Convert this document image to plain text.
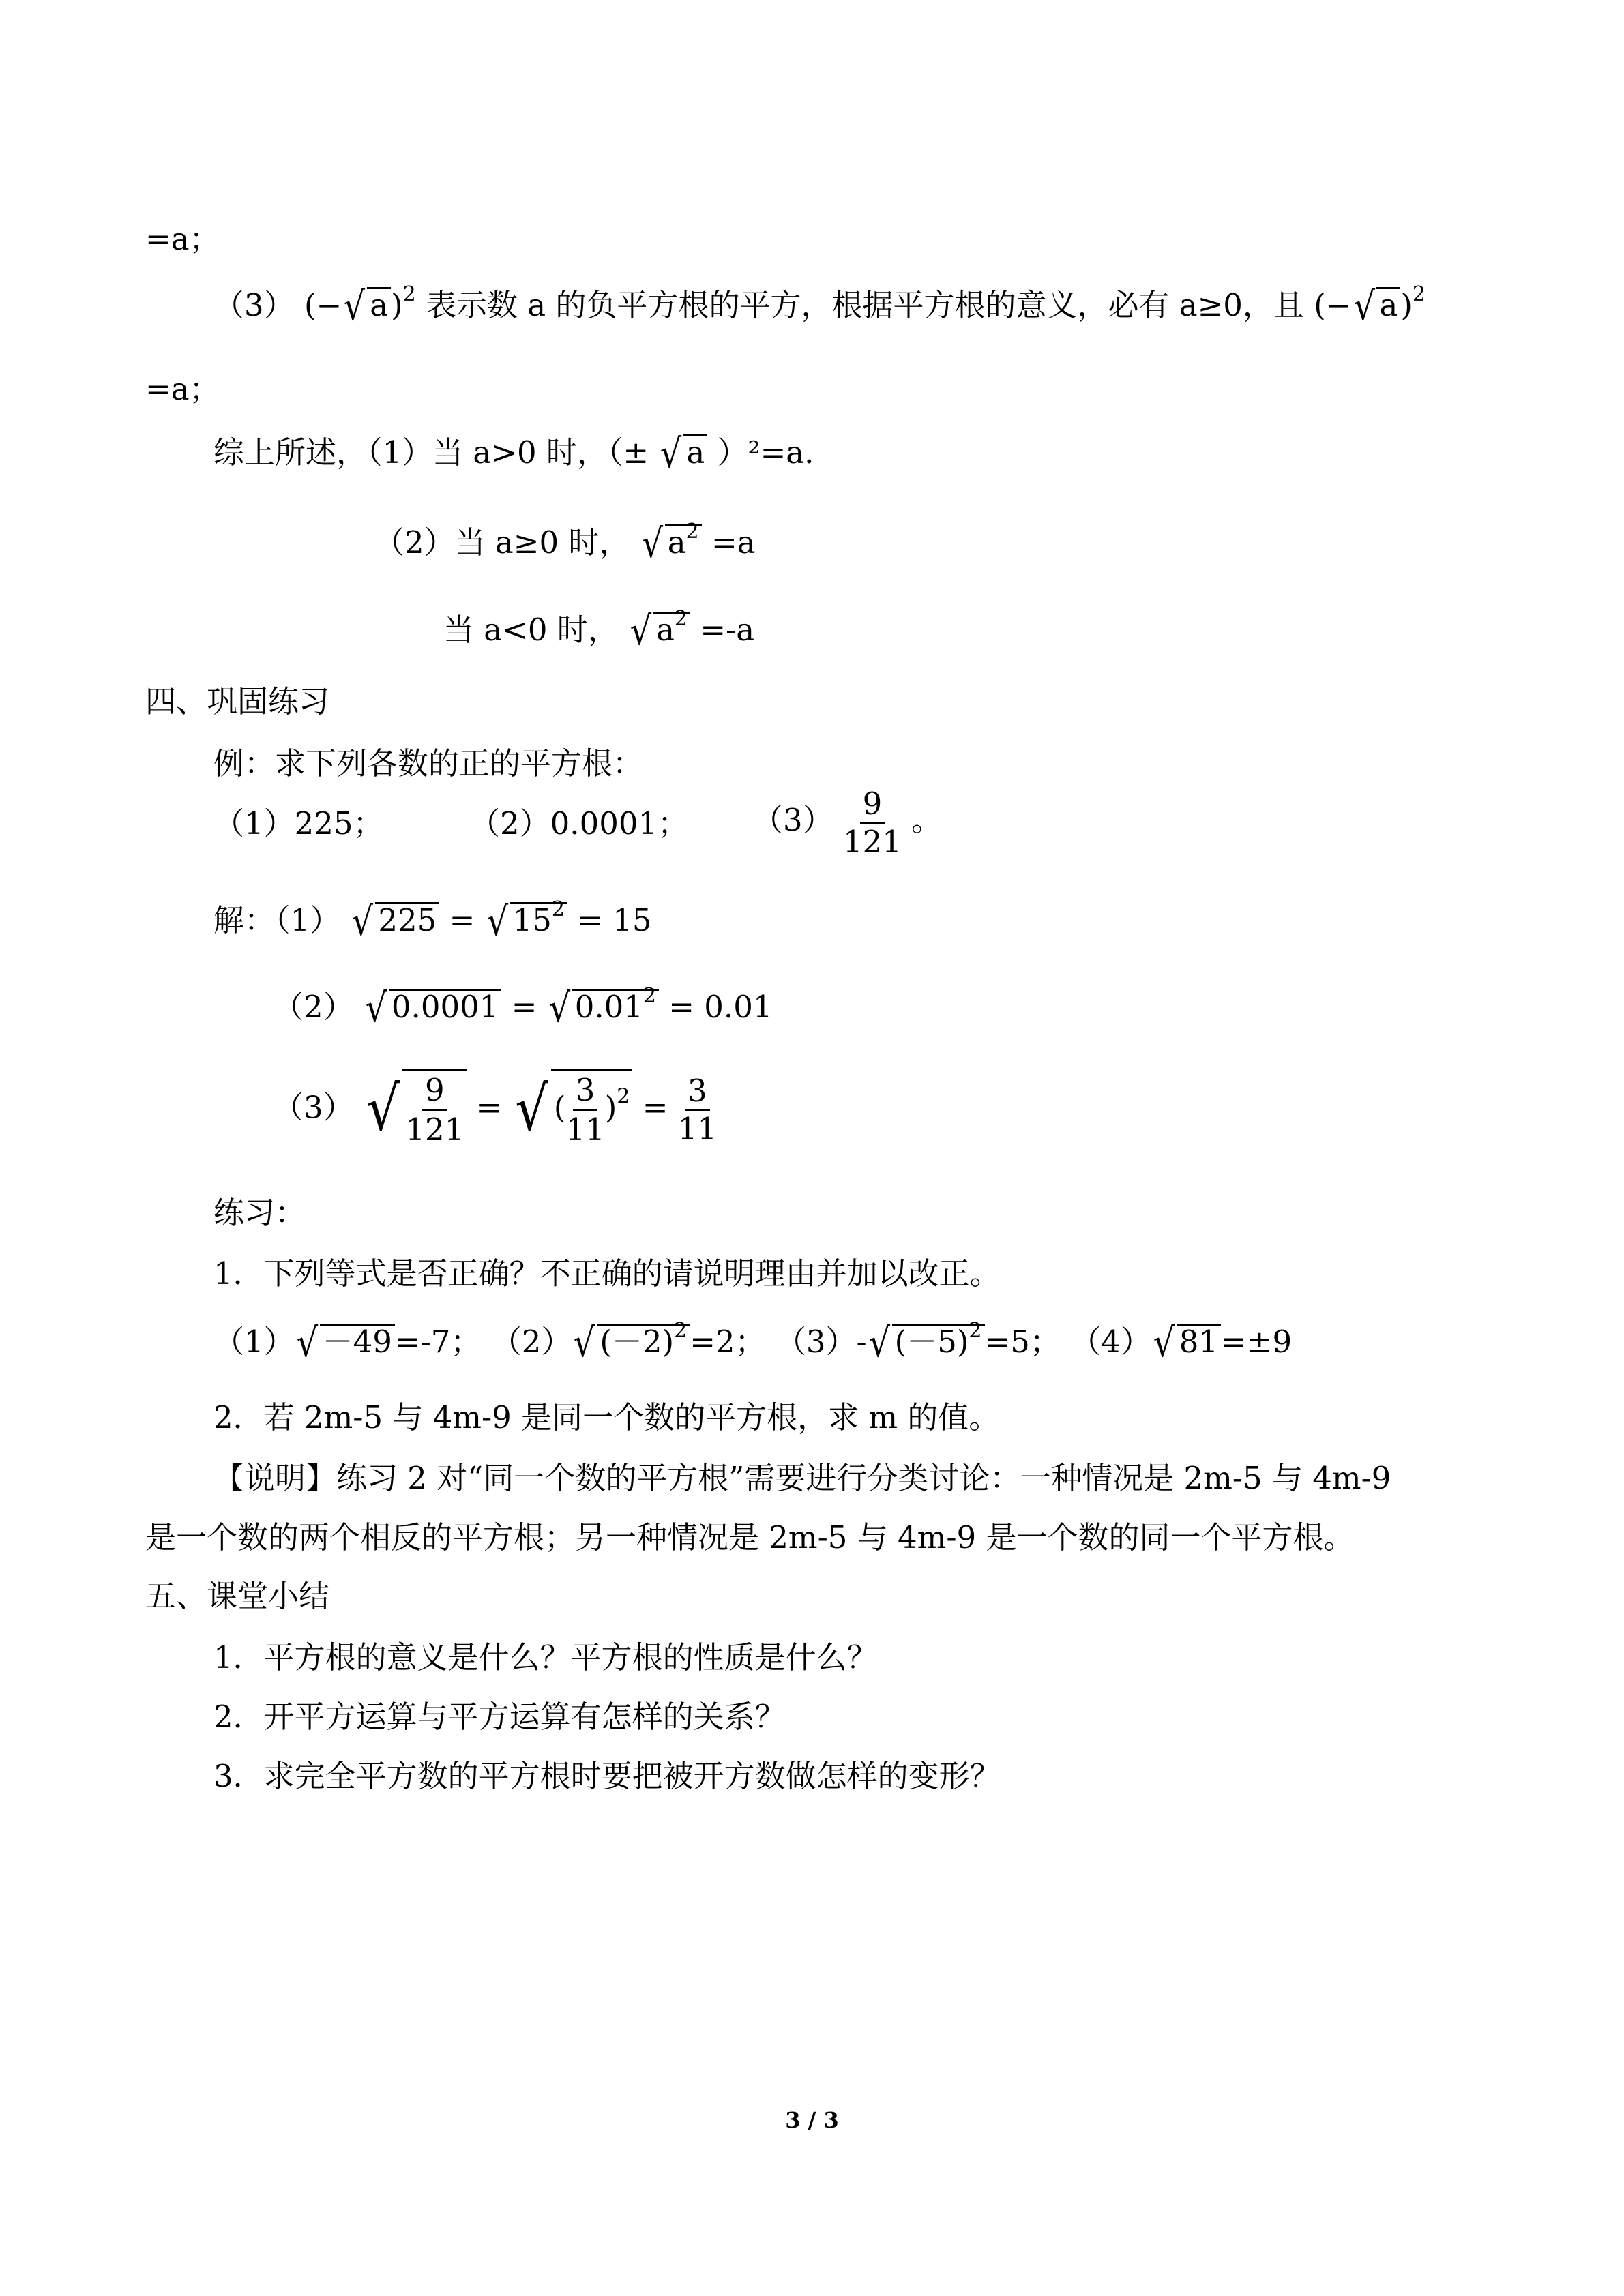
=a；
（3） (−√ a)$^2$ 表示数 a 的负平方根的平方，根据平方根的意义，必有 a≥0，且 (−√ a)$^2$
=a；
综上所述，（1）当 a>0 时，（± √ a ）²=a.
（2）当 a≥0 时， √ $a^2 =a$
当 a<0 时， √ $a^2 =-a$
四、巩固练习
例：求下列各数的正的平方根：
（1）225；	（2）0.0001； $(3) \frac{9}{121}$ 。
解：（1） √ 225 = √ $15^2 = 15$
（2） √ 0.0001 = √ $0.01^2 = 0.01$
（3） √ $\frac{9}{121}$ = √ ( $\frac{3}{11} )^2 = \frac{3}{11}$
练习：
1．下列等式是否正确？不正确的请说明理由并加以改正。
（1）√ －49=-7； （2）√ $(-2)^2=2$； （3）-√ $(-5)^2=5$； （4）√ 81=±9
2．若 2m-5 与 4m-9 是同一个数的平方根，求 m 的值。
【说明】练习 2 对“同一个数的平方根”需要进行分类讨论：一种情况是 2m-5 与 4m-9
是一个数的两个相反的平方根；另一种情况是 2m-5 与 4m-9 是一个数的同一个平方根。
五、课堂小结
1．平方根的意义是什么？平方根的性质是什么？
2．开平方运算与平方运算有怎样的关系？
3．求完全平方数的平方根时要把被开方数做怎样的变形？
3 / 3
